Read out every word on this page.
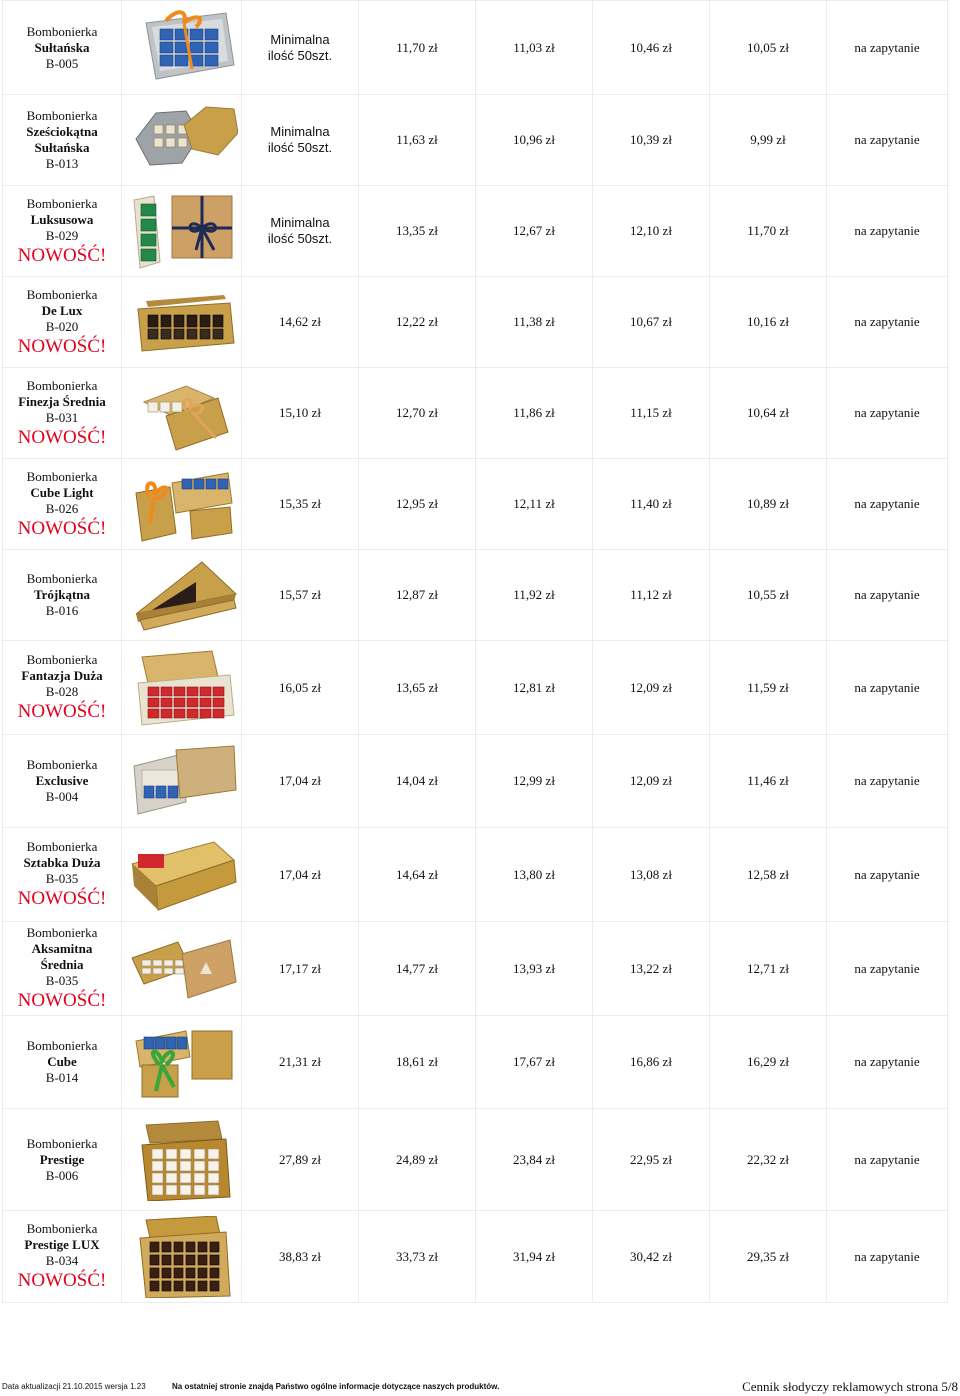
Bombonierka
Sułtańska
B-005		Minimalna
ilość 50szt.	11,70 zł	11,03 zł	10,46 zł	10,05 zł	na zapytanie

Bombonierka
Sześciokątna
Sułtańska
B-013		Minimalna
ilość 50szt.	11,63 zł	10,96 zł	10,39 zł	9,99 zł	na zapytanie

Bombonierka
Luksusowa
B-029
NOWOŚĆ!		Minimalna
ilość 50szt.	13,35 zł	12,67 zł	12,10 zł	11,70 zł	na zapytanie

Bombonierka
De Lux
B-020
NOWOŚĆ!		14,62 zł	12,22 zł	11,38 zł	10,67 zł	10,16 zł	na zapytanie

Bombonierka
Finezja Średnia
B-031
NOWOŚĆ!		15,10 zł	12,70 zł	11,86 zł	11,15 zł	10,64 zł	na zapytanie

Bombonierka
Cube Light
B-026
NOWOŚĆ!		15,35 zł	12,95 zł	12,11 zł	11,40 zł	10,89 zł	na zapytanie

Bombonierka
Trójkątna
B-016		15,57 zł	12,87 zł	11,92 zł	11,12 zł	10,55 zł	na zapytanie

Bombonierka
Fantazja Duża
B-028
NOWOŚĆ!		16,05 zł	13,65 zł	12,81 zł	12,09 zł	11,59 zł	na zapytanie

Bombonierka
Exclusive
B-004		17,04 zł	14,04 zł	12,99 zł	12,09 zł	11,46 zł	na zapytanie

Bombonierka
Sztabka Duża
B-035
NOWOŚĆ!		17,04 zł	14,64 zł	13,80 zł	13,08 zł	12,58 zł	na zapytanie

Bombonierka
Aksamitna
Średnia
B-035
NOWOŚĆ!		17,17 zł	14,77 zł	13,93 zł	13,22 zł	12,71 zł	na zapytanie

Bombonierka
Cube
B-014		21,31 zł	18,61 zł	17,67 zł	16,86 zł	16,29 zł	na zapytanie

Bombonierka
Prestige
B-006		27,89 zł	24,89 zł	23,84 zł	22,95 zł	22,32 zł	na zapytanie

Bombonierka
Prestige LUX
B-034
NOWOŚĆ!		38,83 zł	33,73 zł	31,94 zł	30,42 zł	29,35 zł	na zapytanie
Data aktualizacji 21.10.2015 wersja 1.23	Na ostatniej stronie znajdą Państwo ogólne informacje dotyczące naszych produktów.	Cennik słodyczy reklamowych strona 5/8
